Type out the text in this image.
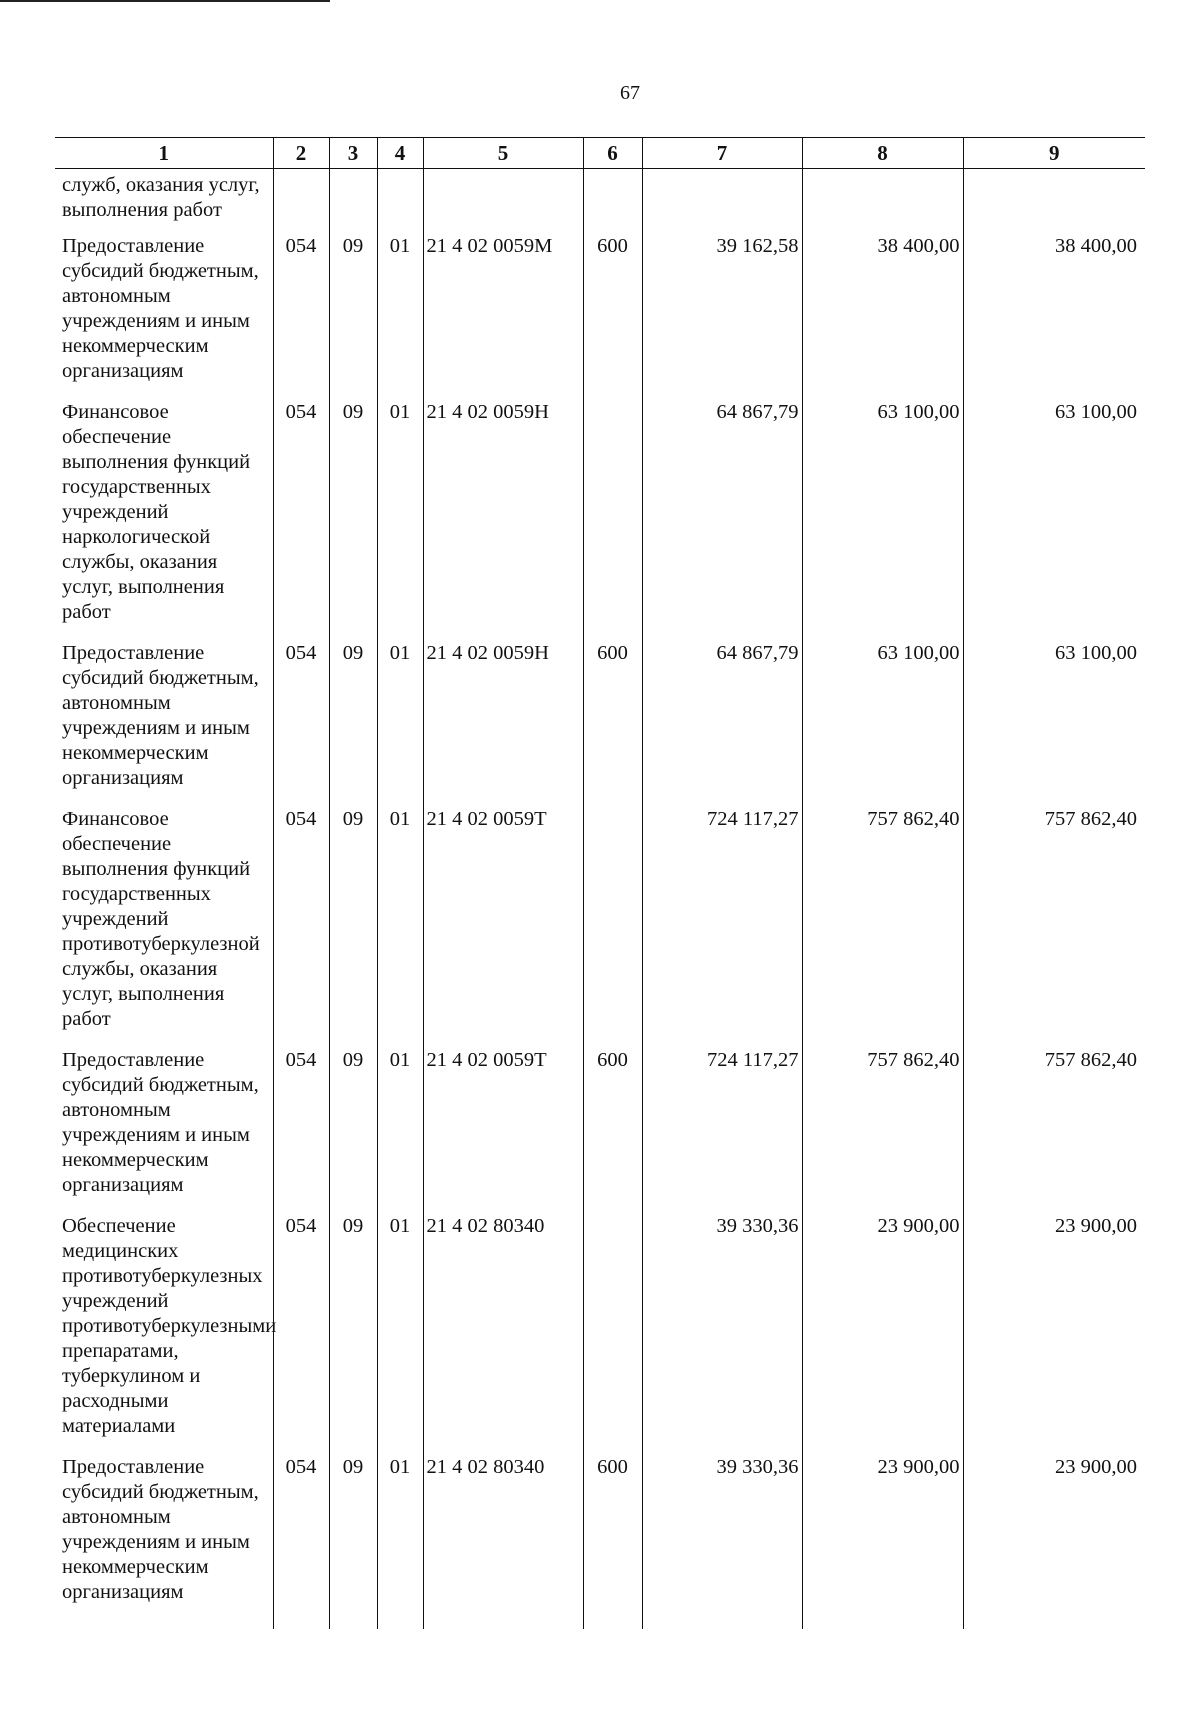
67
1	2	3	4	5	6	7	8	9
служб, оказания услуг, выполнения работ								
Предоставление субсидий бюджетным, автономным учреждениям и иным некоммерческим организациям	054	09	01	21 4 02 0059М	600	39 162,58	38 400,00	38 400,00
Финансовое обеспечение выполнения функций государственных учреждений наркологической службы, оказания услуг, выполнения работ	054	09	01	21 4 02 0059Н		64 867,79	63 100,00	63 100,00
Предоставление субсидий бюджетным, автономным учреждениям и иным некоммерческим организациям	054	09	01	21 4 02 0059Н	600	64 867,79	63 100,00	63 100,00
Финансовое обеспечение выполнения функций государственных учреждений противотуберкулезной службы, оказания услуг, выполнения работ	054	09	01	21 4 02 0059Т		724 117,27	757 862,40	757 862,40
Предоставление субсидий бюджетным, автономным учреждениям и иным некоммерческим организациям	054	09	01	21 4 02 0059Т	600	724 117,27	757 862,40	757 862,40
Обеспечение медицинских противотуберкулезных учреждений противотуберкулезными препаратами, туберкулином и расходными материалами	054	09	01	21 4 02 80340		39 330,36	23 900,00	23 900,00
Предоставление субсидий бюджетным, автономным учреждениям и иным некоммерческим организациям	054	09	01	21 4 02 80340	600	39 330,36	23 900,00	23 900,00
